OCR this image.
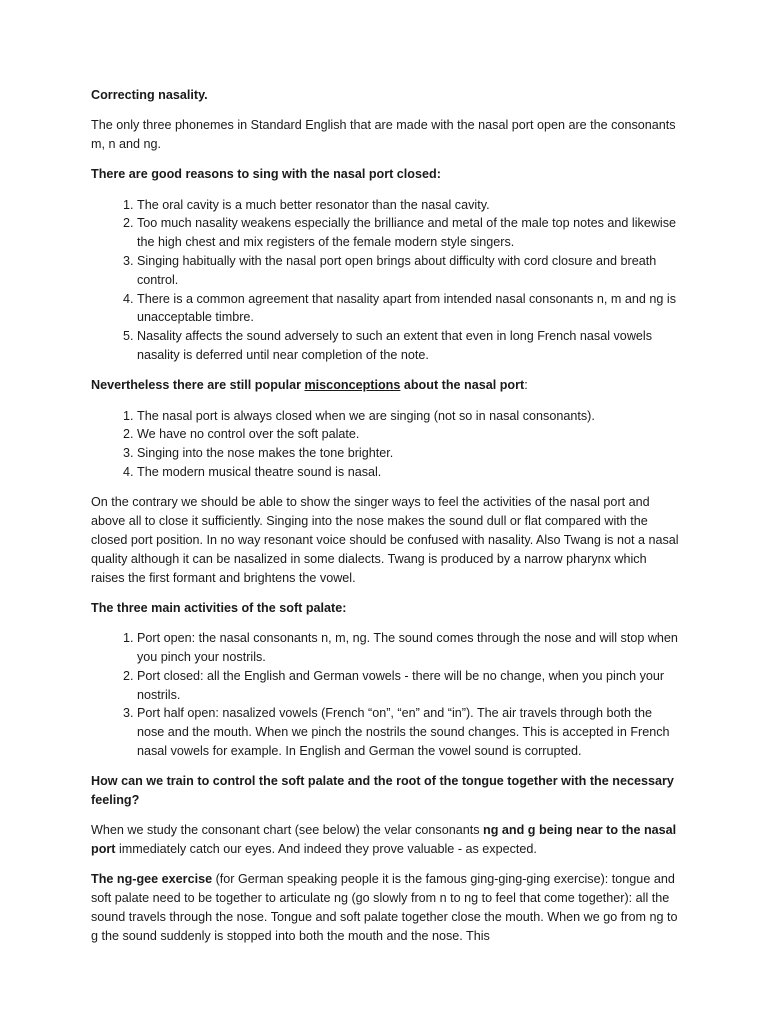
Correcting nasality.

The only three phonemes in Standard English that are made with the nasal port open are the consonants m, n and ng.

There are good reasons to sing with the nasal port closed:

1. The oral cavity is a much better resonator than the nasal cavity.
2. Too much nasality weakens especially the brilliance and metal of the male top notes and likewise the high chest and mix registers of the female modern style singers.
3. Singing habitually with the nasal port open brings about difficulty with cord closure and breath control.
4. There is a common agreement that nasality apart from intended nasal consonants n, m and ng is unacceptable timbre.
5. Nasality affects the sound adversely to such an extent that even in long French nasal vowels nasality is deferred until near completion of the note.

Nevertheless there are still popular misconceptions about the nasal port:

1. The nasal port is always closed when we are singing (not so in nasal consonants).
2. We have no control over the soft palate.
3. Singing into the nose makes the tone brighter.
4. The modern musical theatre sound is nasal.

On the contrary we should be able to show the singer ways to feel the activities of the nasal port and above all to close it sufficiently. Singing into the nose makes the sound dull or flat compared with the closed port position. In no way resonant voice should be confused with nasality. Also Twang is not a nasal quality although it can be nasalized in some dialects. Twang is produced by a narrow pharynx which raises the first formant and brightens the vowel.

The three main activities of the soft palate:

1. Port open: the nasal consonants n, m, ng. The sound comes through the nose and will stop when you pinch your nostrils.
2. Port closed: all the English and German vowels - there will be no change, when you pinch your nostrils.
3. Port half open: nasalized vowels (French “on”, “en” and “in”). The air travels through both the nose and the mouth. When we pinch the nostrils the sound changes. This is accepted in French nasal vowels for example. In English and German the vowel sound is corrupted.

How can we train to control the soft palate and the root of the tongue together with the necessary feeling?

When we study the consonant chart (see below) the velar consonants ng and g being near to the nasal port immediately catch our eyes. And indeed they prove valuable - as expected.

The ng-gee exercise (for German speaking people it is the famous ging-ging-ging exercise): tongue and soft palate need to be together to articulate ng (go slowly from n to ng to feel that come together): all the sound travels through the nose. Tongue and soft palate together close the mouth. When we go from ng to g the sound suddenly is stopped into both the mouth and the nose. This
